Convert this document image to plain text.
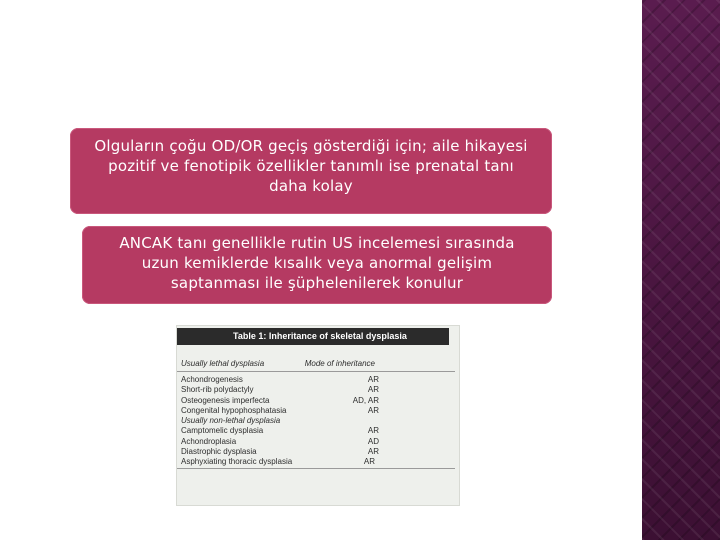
Olguların çoğu OD/OR geçiş gösterdiği için; aile hikayesi
pozitif ve fenotipik özellikler tanımlı ise prenatal tanı
daha kolay
ANCAK tanı genellikle rutin US incelemesi sırasında
uzun kemiklerde kısalık veya anormal gelişim
saptanması ile şüphelenilerek konulur
Table 1: Inheritance of skeletal dysplasia
Usually lethal dysplasia	Mode of inheritance
Achondrogenesis	AR
Short-rib polydactyly	AR
Osteogenesis imperfecta	AD, AR
Congenital hypophosphatasia	AR
Usually non-lethal dysplasia
Camptomelic dysplasia	AR
Achondroplasia	AD
Diastrophic dysplasia	AR
Asphyxiating thoracic dysplasia	AR
